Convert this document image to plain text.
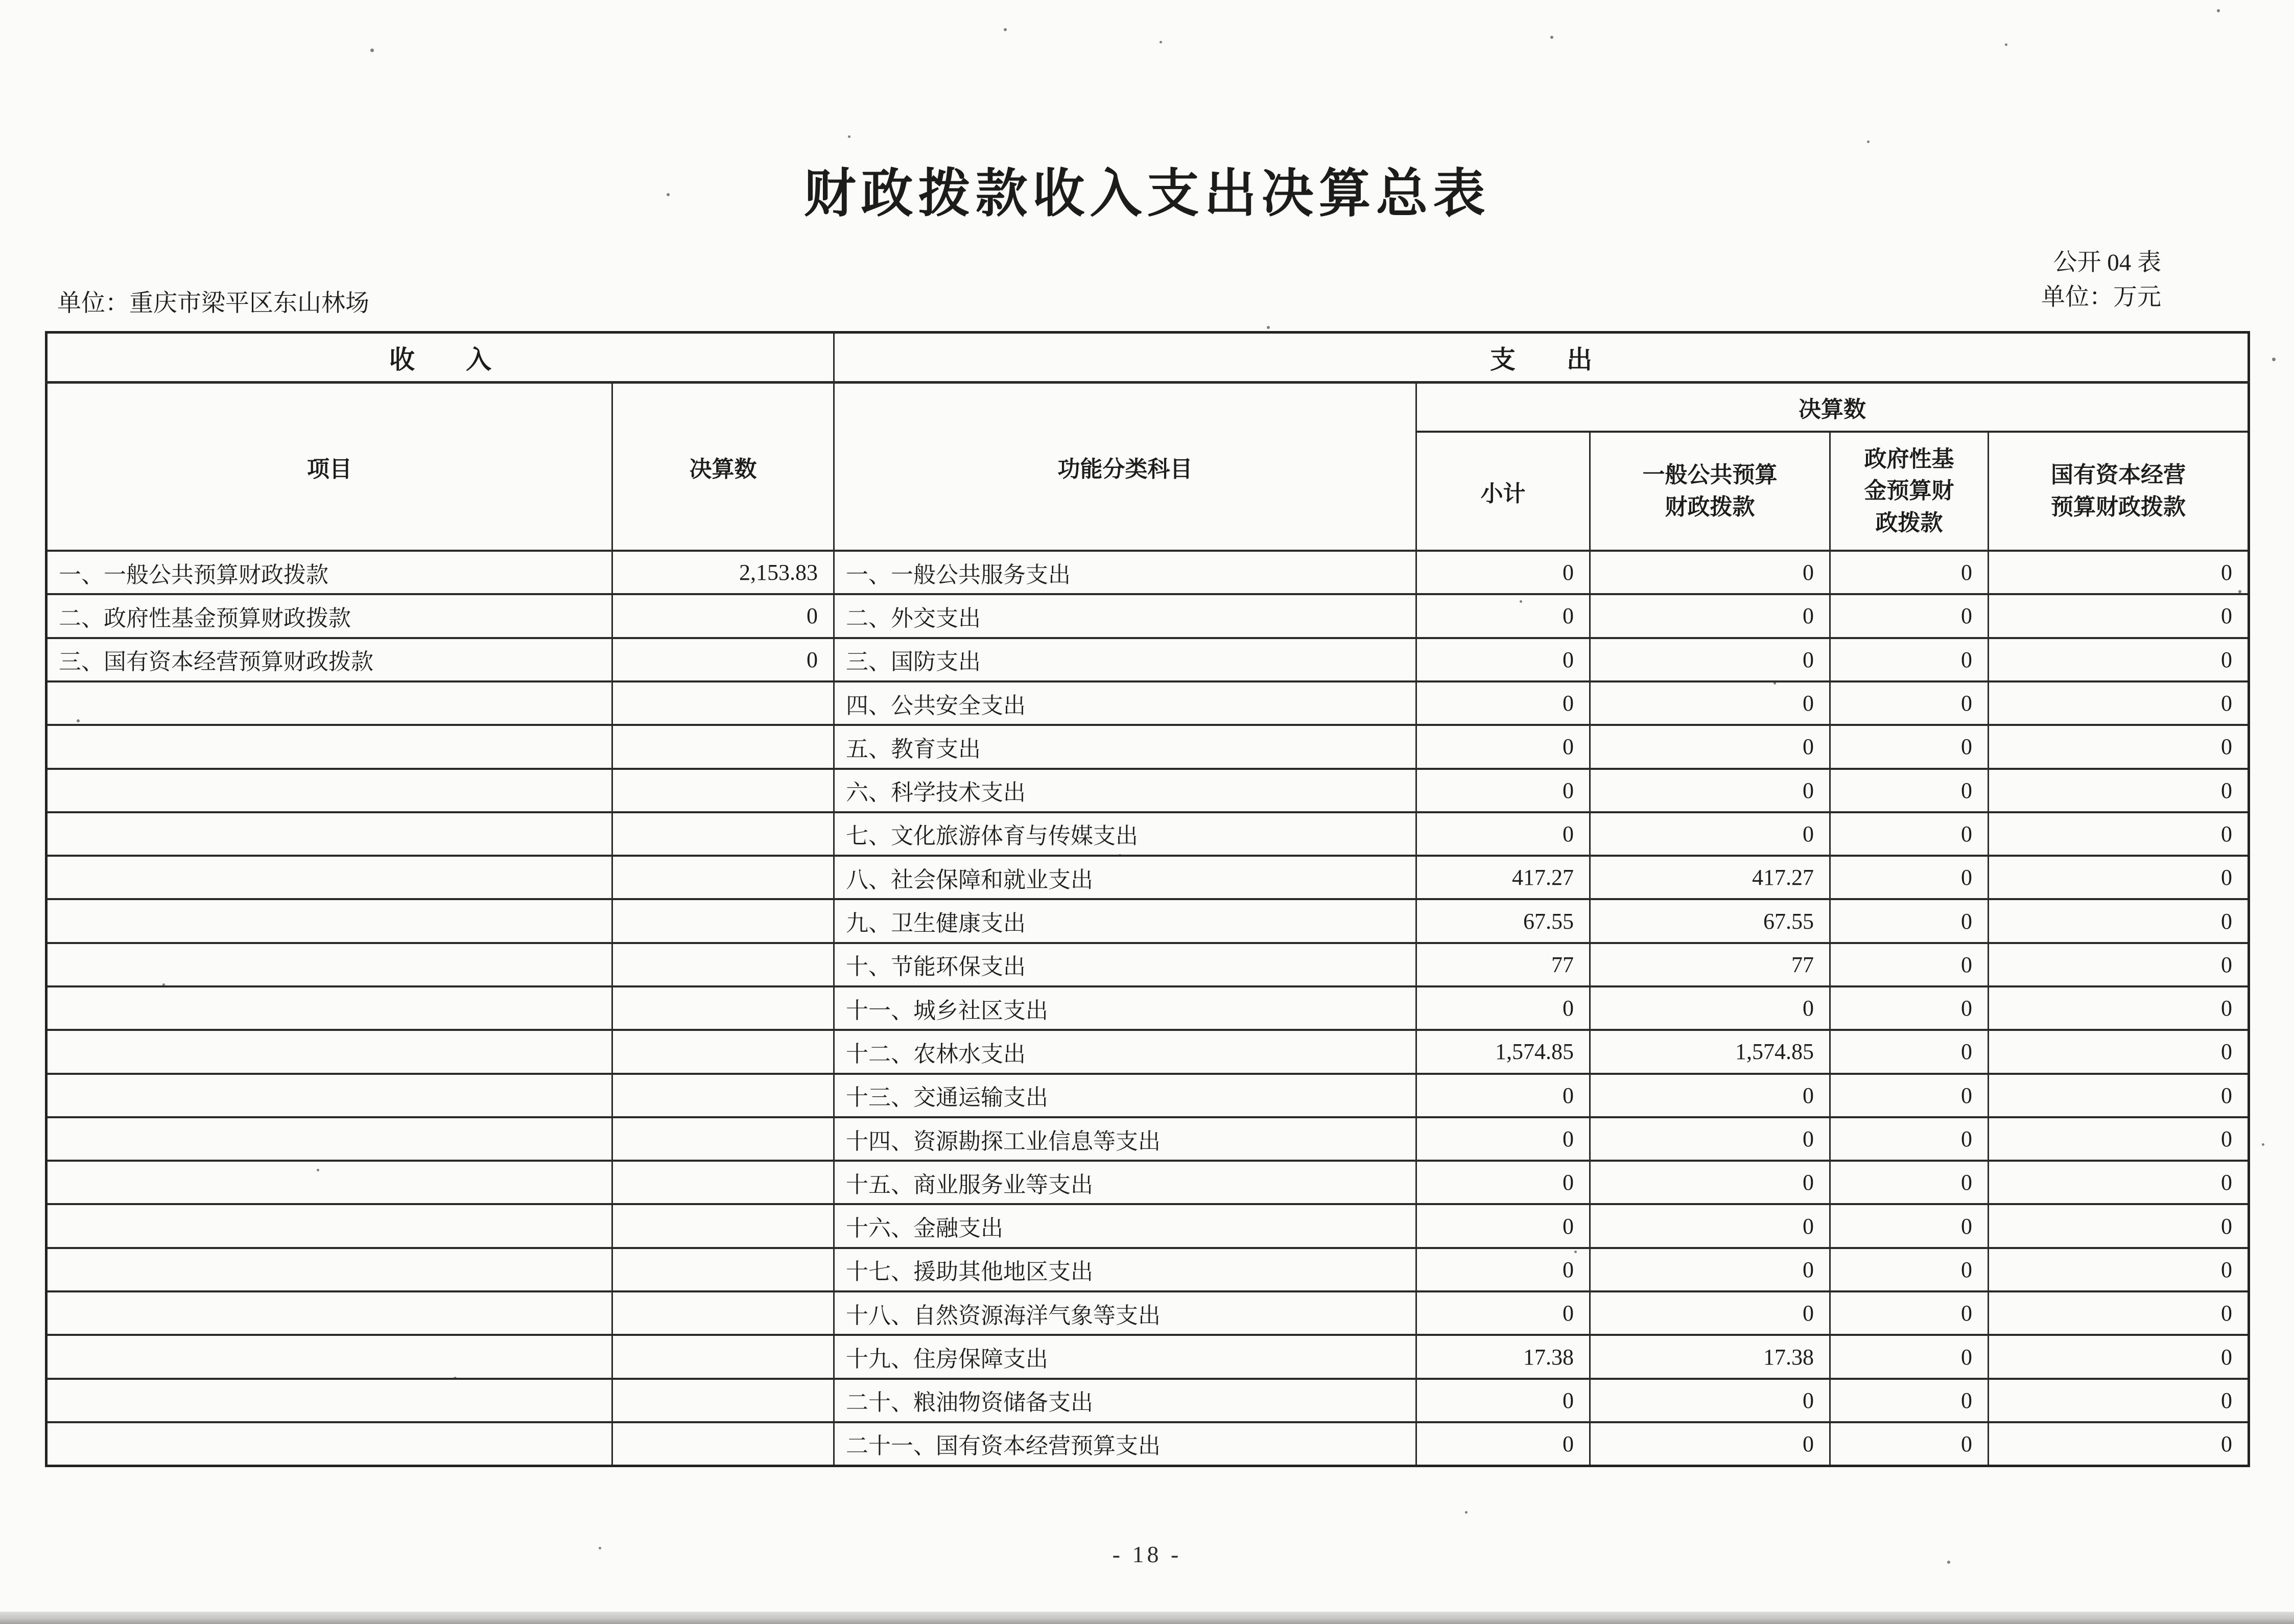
财政拨款收入支出决算总表
单位：重庆市梁平区东山林场
公开 04 表
单位：万元
收　　入		支　　出				
项目	决算数	功能分类科目	决算数			
			小计	一般公共预算财政拨款	政府性基金预算财政拨款	国有资本经营预算财政拨款
一、一般公共预算财政拨款	2,153.83	一、一般公共服务支出	0	0	0	0
二、政府性基金预算财政拨款	0	二、外交支出	0	0	0	0
三、国有资本经营预算财政拨款	0	三、国防支出	0	0	0	0
		四、公共安全支出	0	0	0	0
		五、教育支出	0	0	0	0
		六、科学技术支出	0	0	0	0
		七、文化旅游体育与传媒支出	0	0	0	0
		八、社会保障和就业支出	417.27	417.27	0	0
		九、卫生健康支出	67.55	67.55	0	0
		十、节能环保支出	77	77	0	0
		十一、城乡社区支出	0	0	0	0
		十二、农林水支出	1,574.85	1,574.85	0	0
		十三、交通运输支出	0	0	0	0
		十四、资源勘探工业信息等支出	0	0	0	0
		十五、商业服务业等支出	0	0	0	0
		十六、金融支出	0	0	0	0
		十七、援助其他地区支出	0	0	0	0
		十八、自然资源海洋气象等支出	0	0	0	0
		十九、住房保障支出	17.38	17.38	0	0
		二十、粮油物资储备支出	0	0	0	0
		二十一、国有资本经营预算支出	0	0	0	0
- 18 -
